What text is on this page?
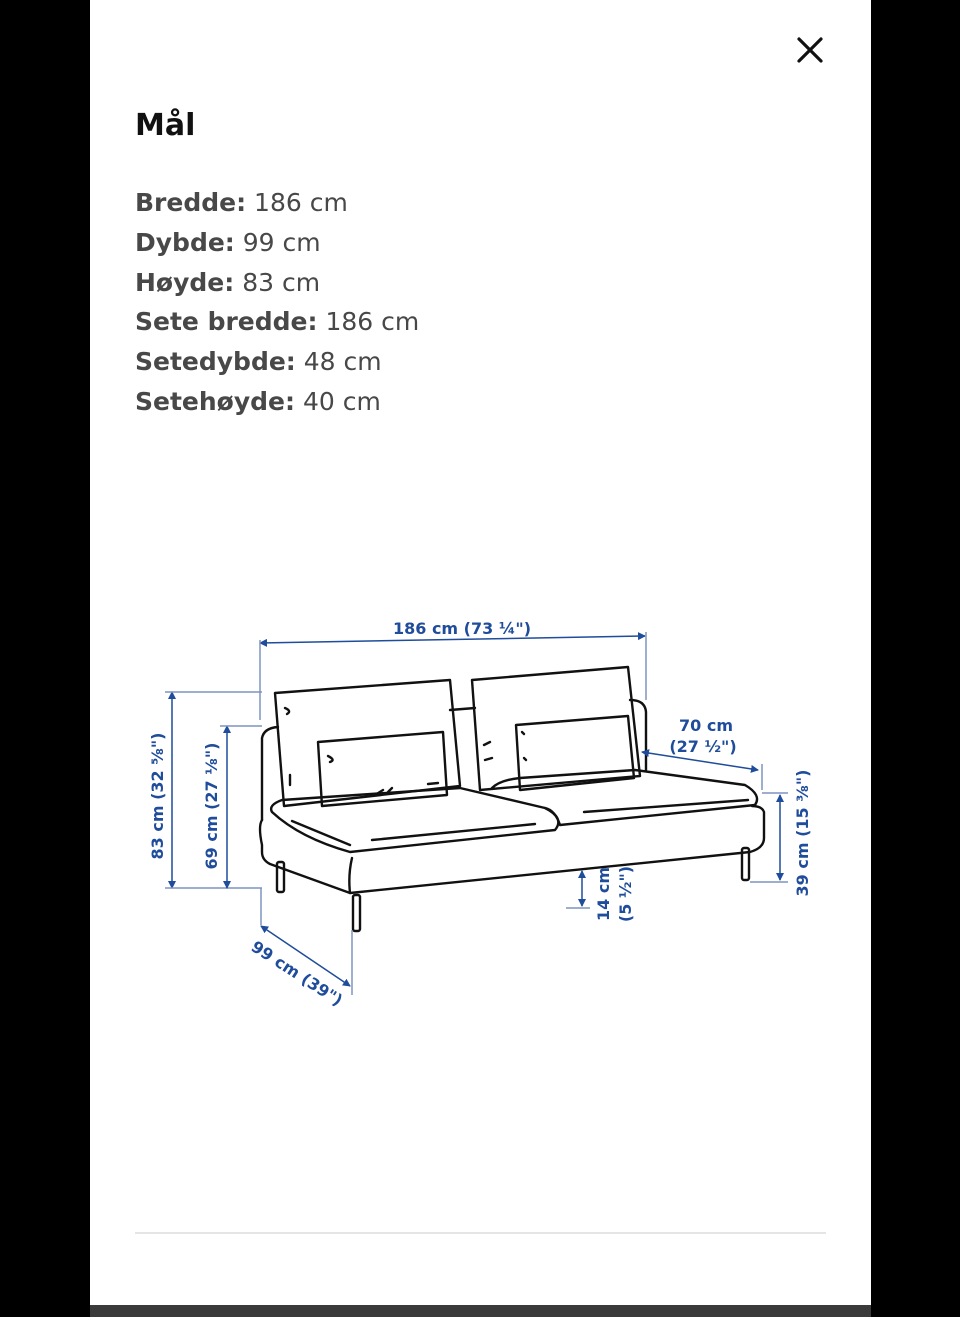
Mål
Bredde: 186 cm
Dybde: 99 cm
Høyde: 83 cm
Sete bredde: 186 cm
Setedybde: 48 cm
Setehøyde: 40 cm
186 cm (73 ¼")
83 cm (32 ⅝") 69 cm (27 ⅛")
99 cm (39")
70 cm
(27 ½")
39 cm (15 ⅜")
14 cm (5 ½")
